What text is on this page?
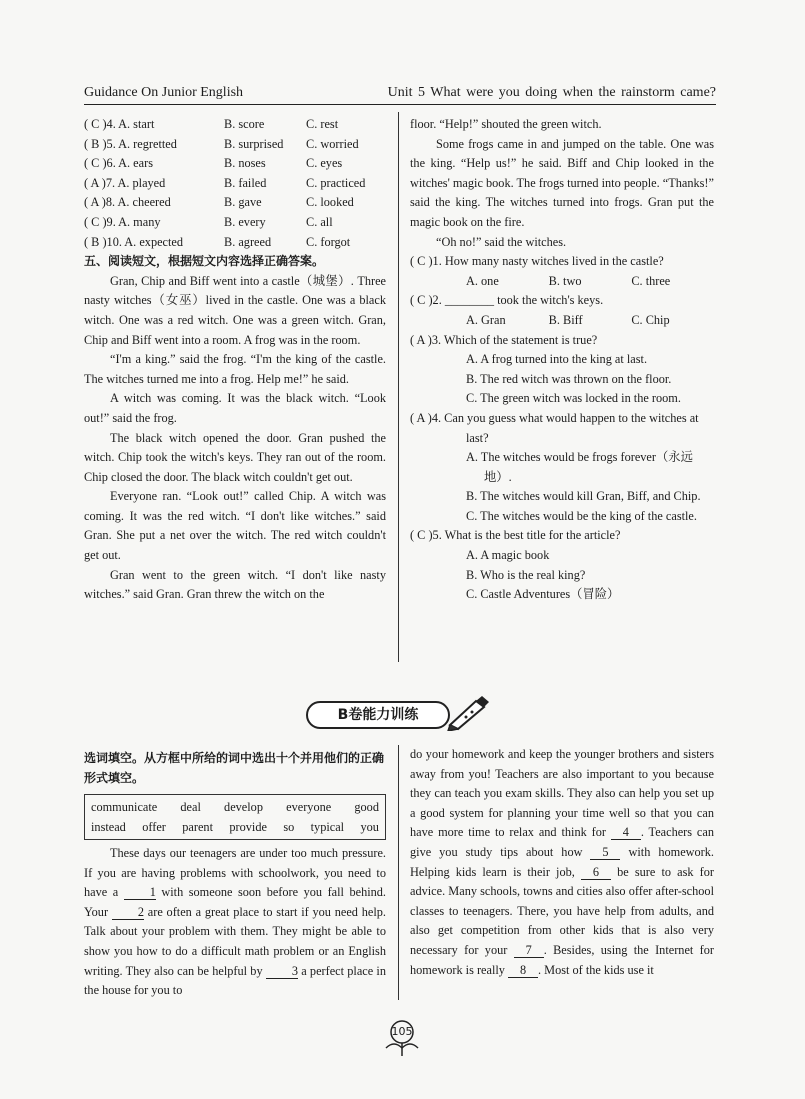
Guidance On Junior English	Unit 5 What were you doing when the rainstorm came?
( C )4. A. start	B. score	C. rest
( B )5. A. regretted	B. surprised	C. worried
( C )6. A. ears	B. noses	C. eyes
( A )7. A. played	B. failed	C. practiced
( A )8. A. cheered	B. gave	C. looked
( C )9. A. many	B. every	C. all
( B )10. A. expected	B. agreed	C. forgot
五、阅读短文，根据短文内容选择正确答案。

Gran, Chip and Biff went into a castle（城堡）. Three nasty witches（女巫）lived in the castle. One was a black witch. One was a red witch. One was a green witch. Gran, Chip and Biff went into a room. A frog was in the room.

“I'm a king.” said the frog. “I'm the king of the castle. The witches turned me into a frog. Help me!” he said.

A witch was coming. It was the black witch. “Look out!” said the frog.

The black witch opened the door. Gran pushed the witch. Chip took the witch's keys. They ran out of the room. Chip closed the door. The black witch couldn't get out.

Everyone ran. “Look out!” called Chip. A witch was coming. It was the red witch. “I don't like witches.” said Gran. She put a net over the witch. The red witch couldn't get out.

Gran went to the green witch. “I don't like nasty witches.” said Gran. Gran threw the witch on the

floor. “Help!” shouted the green witch.

Some frogs came in and jumped on the table. One was the king. “Help us!” he said. Biff and Chip looked in the witches' magic book. The frogs turned into people. “Thanks!” said the king. The witches turned into frogs. Gran put the magic book on the fire.

“Oh no!” said the witches.

( C )1. How many nasty witches lived in the castle?
A. one	B. two	C. three
( C )2. ________ took the witch's keys.
A. Gran	B. Biff	C. Chip
( A )3. Which of the statement is true?
A. A frog turned into the king at last.
B. The red witch was thrown on the floor.
C. The green witch was locked in the room.
( A )4. Can you guess what would happen to the witches at last?
A. The witches would be frogs forever（永远地）.
B. The witches would kill Gran, Biff, and Chip.
C. The witches would be the king of the castle.
( C )5. What is the best title for the article?
A. A magic book
B. Who is the real king?
C. Castle Adventures（冒险）
B卷能力训练
选词填空。从方框中所给的词中选出十个并用他们的正确形式填空。
communicate deal develop everyone good
instead offer parent provide so typical you

These days our teenagers are under too much pressure. If you are having problems with schoolwork, you need to have a	1 with someone soon before you fall behind. Your 2 are often a great place to start if you need help. Talk about your problem with them. They might be able to show you how to do a difficult math problem or an English writing. They also can be helpful by 3 a perfect place in the house for you to

do your homework and keep the younger brothers and sisters away from you! Teachers are also important to you because they can teach you exam skills. They also can help you set up a good system for planning your time well so that you can have more time to relax and think for 4 . Teachers can give you study tips about how 5 with homework. Helping kids learn is their job, 6 be sure to ask for advice. Many schools, towns and cities also offer after-school classes to teenagers. There, you have help from adults, and also get competition from other kids that is also very necessary for your 7 . Besides, using the Internet for homework is really 8 . Most of the kids use it

105
